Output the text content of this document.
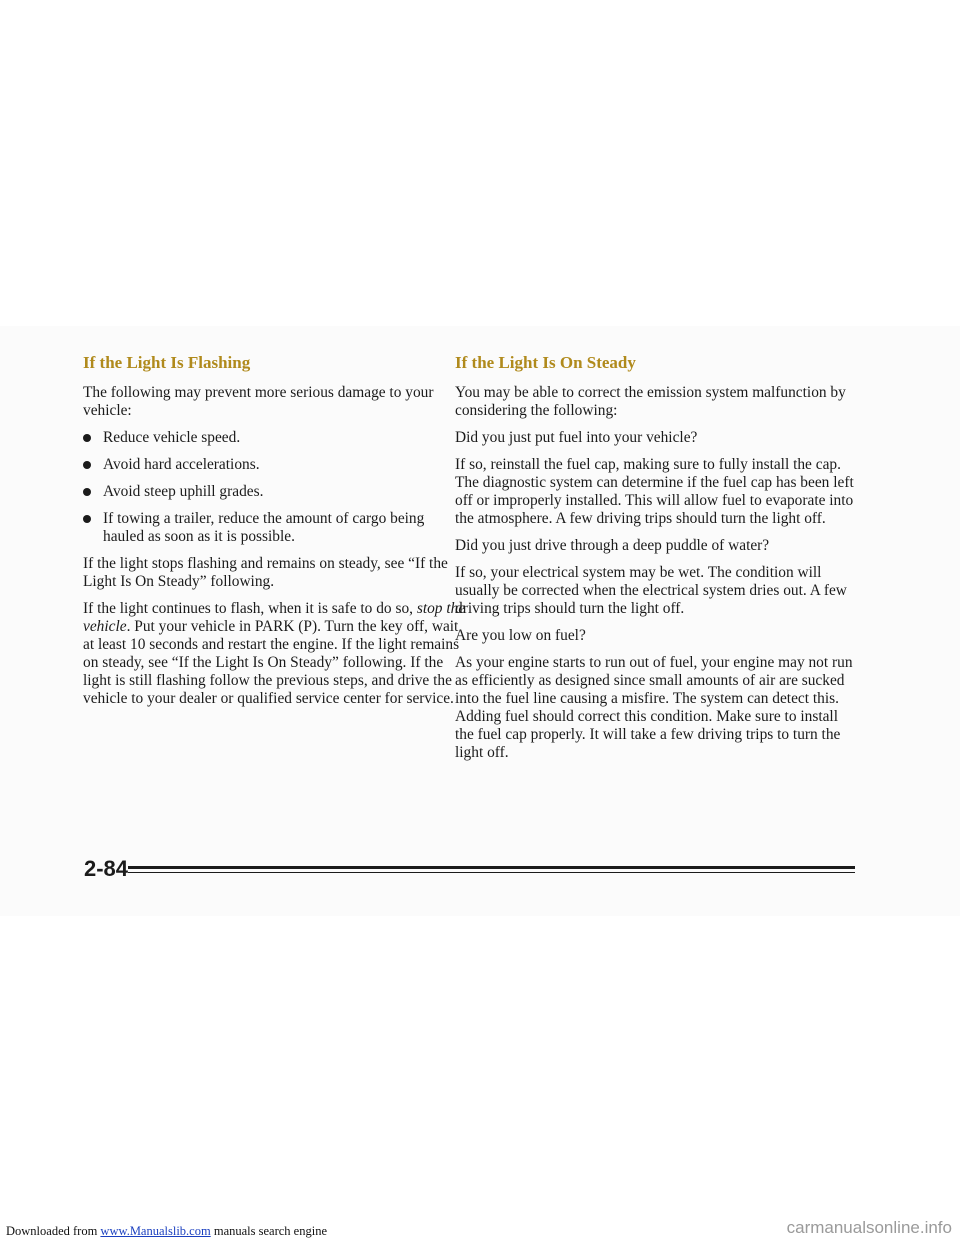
If the Light Is Flashing

The following may prevent more serious damage to your vehicle:

Reduce vehicle speed.
Avoid hard accelerations.
Avoid steep uphill grades.
If towing a trailer, reduce the amount of cargo being hauled as soon as it is possible.

If the light stops flashing and remains on steady, see “If the Light Is On Steady” following.

If the light continues to flash, when it is safe to do so, stop the vehicle. Put your vehicle in PARK (P). Turn the key off, wait at least 10 seconds and restart the engine. If the light remains on steady, see “If the Light Is On Steady” following. If the light is still flashing follow the previous steps, and drive the vehicle to your dealer or qualified service center for service.

If the Light Is On Steady

You may be able to correct the emission system malfunction by considering the following:

Did you just put fuel into your vehicle?

If so, reinstall the fuel cap, making sure to fully install the cap. The diagnostic system can determine if the fuel cap has been left off or improperly installed. This will allow fuel to evaporate into the atmosphere. A few driving trips should turn the light off.

Did you just drive through a deep puddle of water?

If so, your electrical system may be wet. The condition will usually be corrected when the electrical system dries out. A few driving trips should turn the light off.

Are you low on fuel?

As your engine starts to run out of fuel, your engine may not run as efficiently as designed since small amounts of air are sucked into the fuel line causing a misfire. The system can detect this. Adding fuel should correct this condition. Make sure to install the fuel cap properly. It will take a few driving trips to turn the light off.

2-84
Downloaded from www.Manualslib.com manuals search engine	carmanualsonline.info
